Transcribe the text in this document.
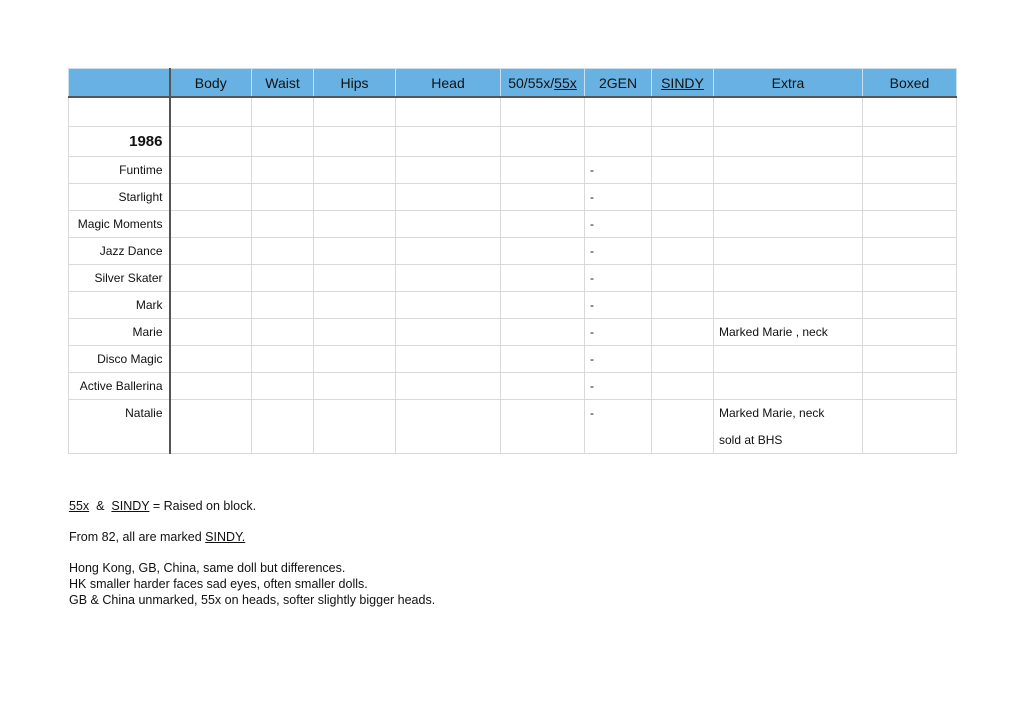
	Body	Waist	Hips	Head	50/55x/55x	2GEN	SINDY	Extra	Boxed

1986									
Funtime						-			
Starlight						-			
Magic Moments						-			
Jazz Dance						-			
Silver Skater						-			
Mark						-			
Marie						-		Marked Marie , neck	
Disco Magic						-			
Active Ballerina						-			
Natalie						-		Marked Marie, neck
sold at BHS	

55x & SINDY = Raised on block.

From 82, all are marked SINDY.

Hong Kong, GB, China, same doll but differences.

HK smaller harder faces sad eyes, often smaller dolls.

GB & China unmarked, 55x on heads, softer slightly bigger heads.
